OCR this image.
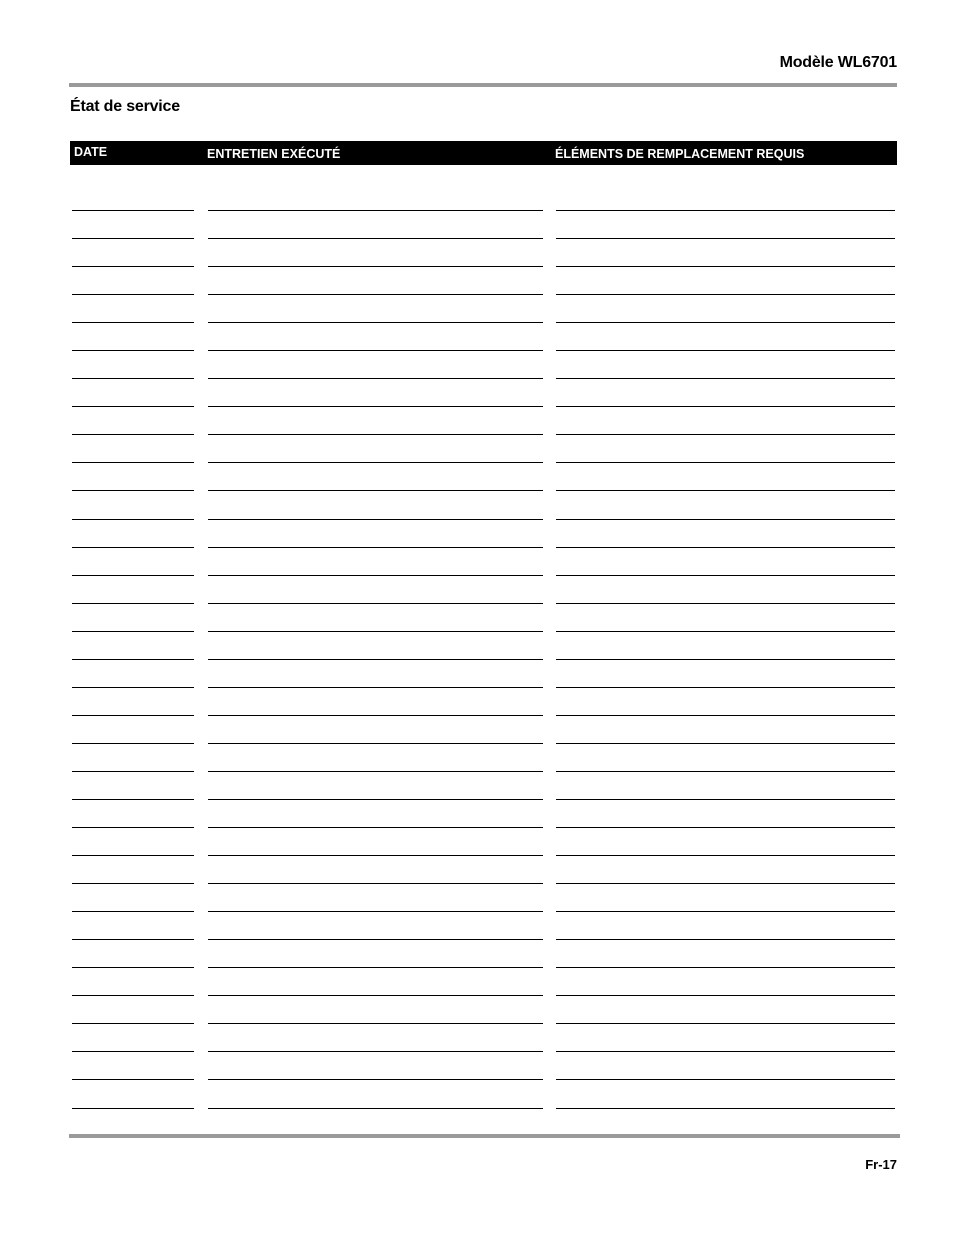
Modèle WL6701
État de service
DATE	ENTRETIEN EXÉCUTÉ	ÉLÉMENTS DE REMPLACEMENT REQUIS
Fr-17
